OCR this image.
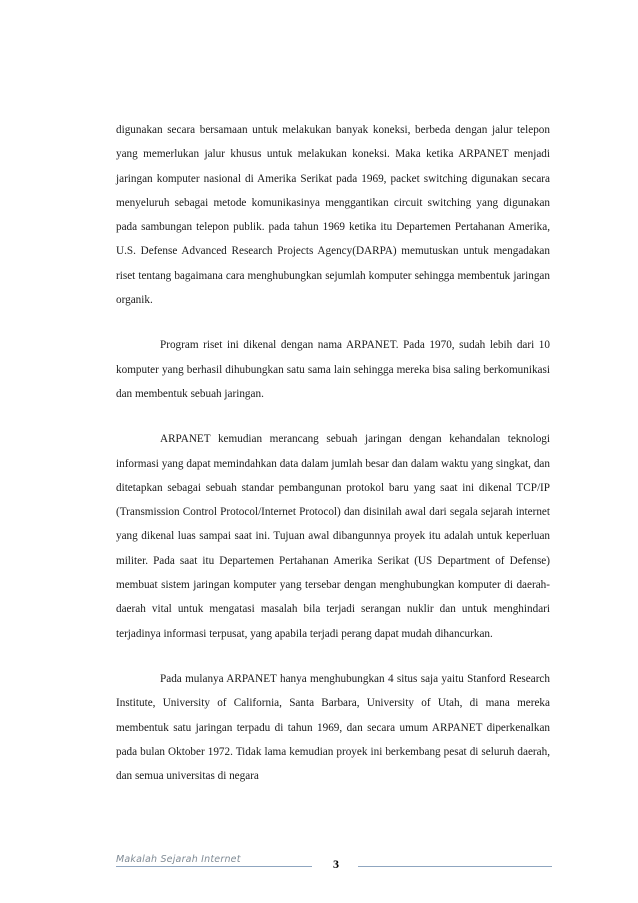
digunakan secara bersamaan untuk melakukan banyak koneksi, berbeda dengan jalur telepon yang memerlukan jalur khusus untuk melakukan koneksi. Maka ketika ARPANET menjadi jaringan komputer nasional di Amerika Serikat pada 1969, packet switching digunakan secara menyeluruh sebagai metode komunikasinya menggantikan circuit switching yang digunakan pada sambungan telepon publik. pada tahun 1969 ketika itu Departemen Pertahanan Amerika, U.S. Defense Advanced Research Projects Agency(DARPA) memutuskan untuk mengadakan riset tentang bagaimana cara menghubungkan sejumlah komputer sehingga membentuk jaringan organik.

Program riset ini dikenal dengan nama ARPANET. Pada 1970, sudah lebih dari 10 komputer yang berhasil dihubungkan satu sama lain sehingga mereka bisa saling berkomunikasi dan membentuk sebuah jaringan.

ARPANET kemudian merancang sebuah jaringan dengan kehandalan teknologi informasi yang dapat memindahkan data dalam jumlah besar dan dalam waktu yang singkat, dan ditetapkan sebagai sebuah standar pembangunan protokol baru yang saat ini dikenal TCP/IP (Transmission Control Protocol/Internet Protocol) dan disinilah awal dari segala sejarah internet yang dikenal luas sampai saat ini. Tujuan awal dibangunnya proyek itu adalah untuk keperluan militer. Pada saat itu Departemen Pertahanan Amerika Serikat (US Department of Defense) membuat sistem jaringan komputer yang tersebar dengan menghubungkan komputer di daerah-daerah vital untuk mengatasi masalah bila terjadi serangan nuklir dan untuk menghindari terjadinya informasi terpusat, yang apabila terjadi perang dapat mudah dihancurkan.

Pada mulanya ARPANET hanya menghubungkan 4 situs saja yaitu Stanford Research Institute, University of California, Santa Barbara, University of Utah, di mana mereka membentuk satu jaringan terpadu di tahun 1969, dan secara umum ARPANET diperkenalkan pada bulan Oktober 1972. Tidak lama kemudian proyek ini berkembang pesat di seluruh daerah, dan semua universitas di negara

Makalah Sejarah Internet	3
